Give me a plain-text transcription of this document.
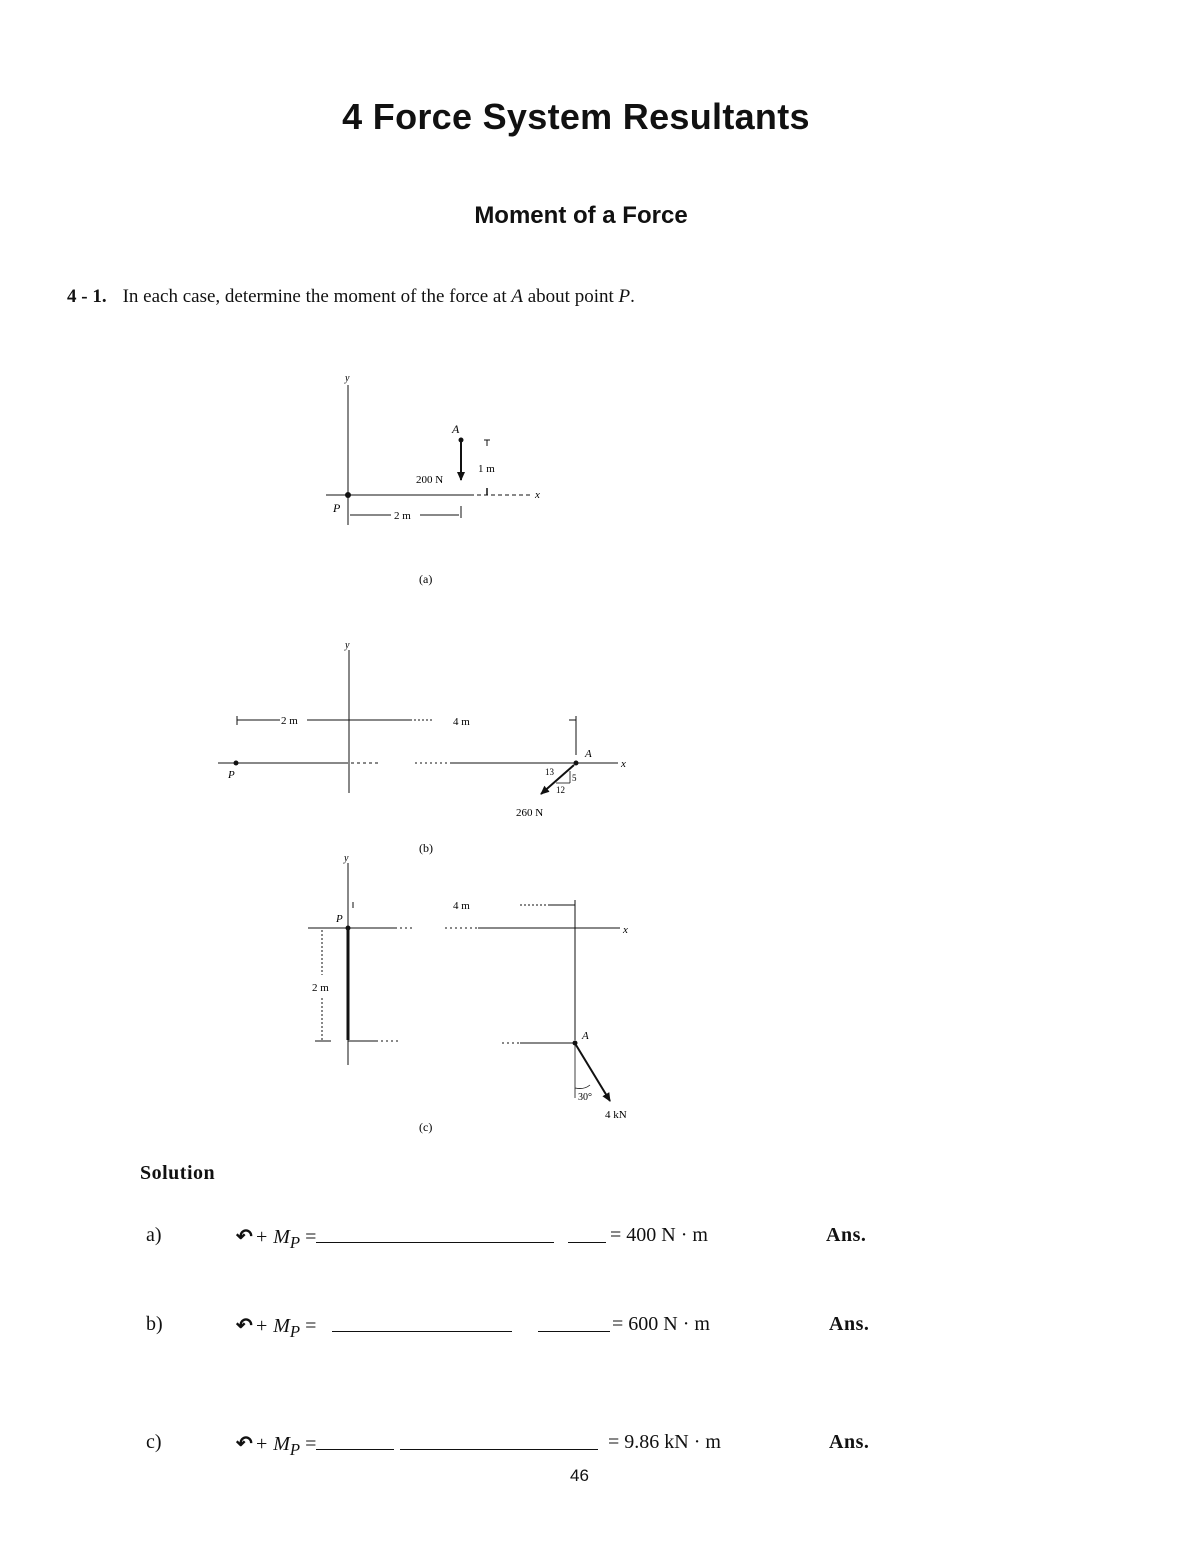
4 Force System Resultants
Moment of a Force
4 - 1. In each case, determine the moment of the force at A about point P.
y
x
P
A
200 N
1 m
2 m
(a)
y
x
P
2 m	4 m
A
13
5
12
260 N
(b)
y
x
P
4 m
2 m
A
30°
4 kN
(c)
Solution
a)	↶ + $M_P$ =	= 400 N · m	Ans.
b)	↶ + $M_P$ =	= 600 N · m	Ans.
c)	↶ + $M_P$ =	= 9.86 kN · m	Ans.
46
